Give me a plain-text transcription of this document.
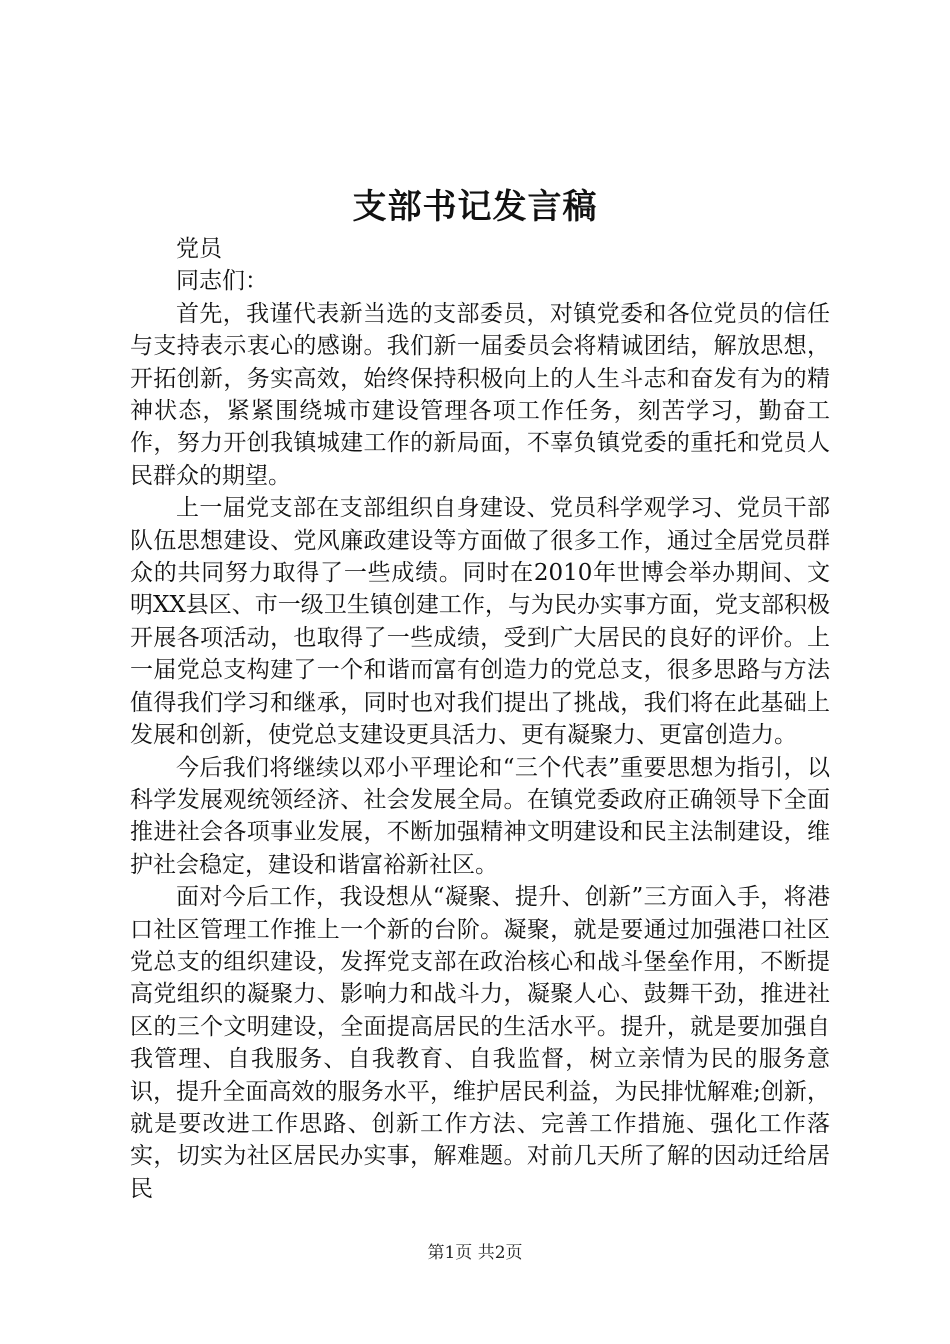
支部书记发言稿

党员

同志们：

首先，我谨代表新当选的支部委员，对镇党委和各位党员的信任与支持表示衷心的感谢。我们新一届委员会将精诚团结，解放思想，开拓创新，务实高效，始终保持积极向上的人生斗志和奋发有为的精神状态，紧紧围绕城市建设管理各项工作任务，刻苦学习，勤奋工作，努力开创我镇城建工作的新局面，不辜负镇党委的重托和党员人民群众的期望。

上一届党支部在支部组织自身建设、党员科学观学习、党员干部队伍思想建设、党风廉政建设等方面做了很多工作，通过全居党员群众的共同努力取得了一些成绩。同时在2010年世博会举办期间、文明XX县区、市一级卫生镇创建工作，与为民办实事方面，党支部积极开展各项活动，也取得了一些成绩，受到广大居民的良好的评价。上一届党总支构建了一个和谐而富有创造力的党总支，很多思路与方法值得我们学习和继承，同时也对我们提出了挑战，我们将在此基础上发展和创新，使党总支建设更具活力、更有凝聚力、更富创造力。

今后我们将继续以邓小平理论和“三个代表”重要思想为指引，以科学发展观统领经济、社会发展全局。在镇党委政府正确领导下全面推进社会各项事业发展，不断加强精神文明建设和民主法制建设，维护社会稳定，建设和谐富裕新社区。

面对今后工作，我设想从“凝聚、提升、创新”三方面入手，将港口社区管理工作推上一个新的台阶。凝聚，就是要通过加强港口社区党总支的组织建设，发挥党支部在政治核心和战斗堡垒作用，不断提高党组织的凝聚力、影响力和战斗力，凝聚人心、鼓舞干劲，推进社区的三个文明建设，全面提高居民的生活水平。提升，就是要加强自我管理、自我服务、自我教育、自我监督，树立亲情为民的服务意识，提升全面高效的服务水平，维护居民利益，为民排忧解难;创新，就是要改进工作思路、创新工作方法、完善工作措施、强化工作落实，切实为社区居民办实事，解难题。对前几天所了解的因动迁给居民

第1页 共2页
